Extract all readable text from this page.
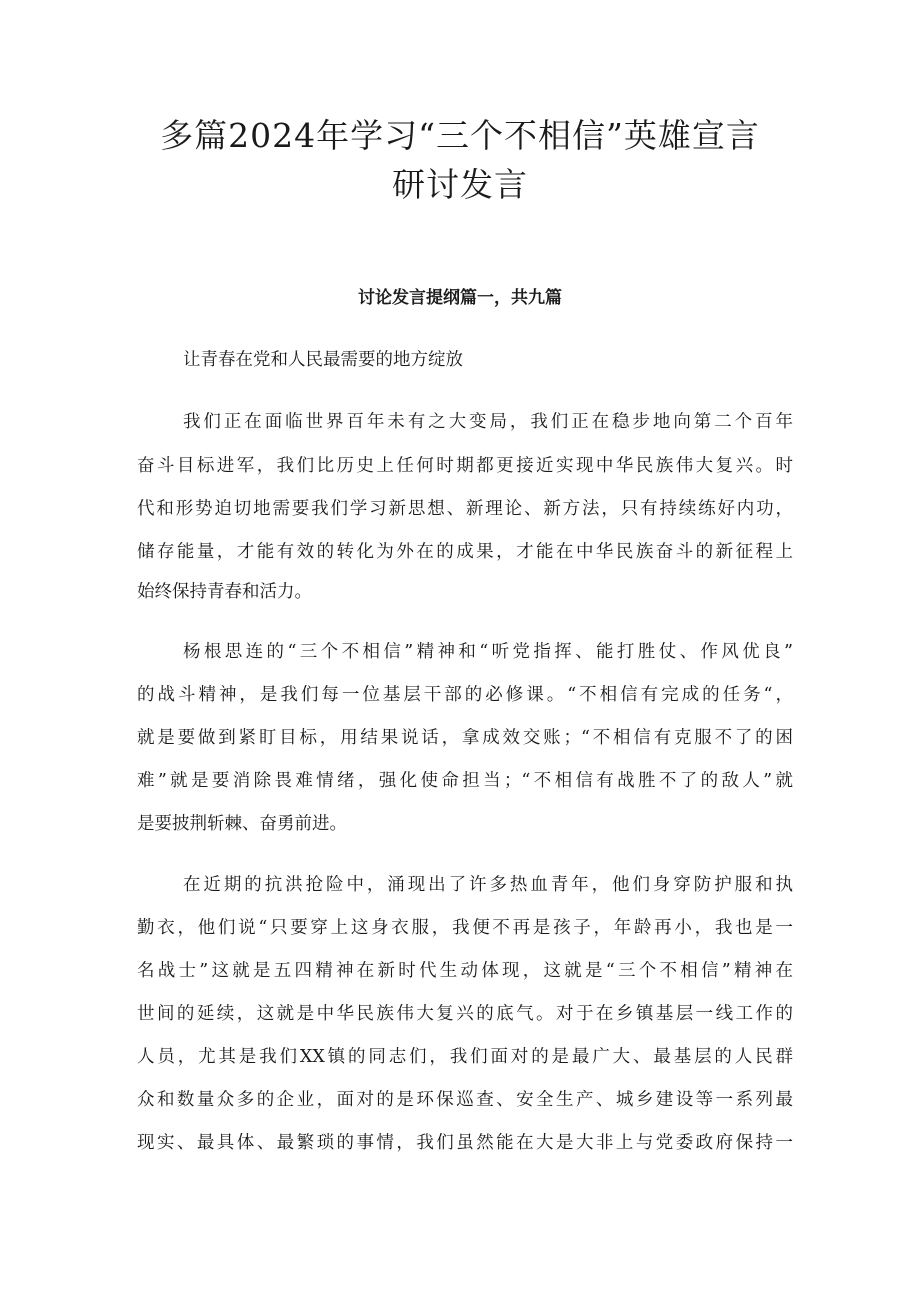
多篇2024年学习“三个不相信”英雄宣言
研讨发言

讨论发言提纲篇一，共九篇

让青春在党和人民最需要的地方绽放

我们正在面临世界百年未有之大变局，我们正在稳步地向第二个百年

奋斗目标进军，我们比历史上任何时期都更接近实现中华民族伟大复兴。时

代和形势迫切地需要我们学习新思想、新理论、新方法，只有持续练好内功，

储存能量，才能有效的转化为外在的成果，才能在中华民族奋斗的新征程上

始终保持青春和活力。

杨根思连的“三个不相信”精神和“听党指挥、能打胜仗、作风优良”

的战斗精神，是我们每一位基层干部的必修课。“不相信有完成的任务“，

就是要做到紧盯目标，用结果说话，拿成效交账；“不相信有克服不了的困

难”就是要消除畏难情绪，强化使命担当；“不相信有战胜不了的敌人”就

是要披荆斩棘、奋勇前进。

在近期的抗洪抢险中，涌现出了许多热血青年，他们身穿防护服和执

勤衣，他们说“只要穿上这身衣服，我便不再是孩子，年龄再小，我也是一

名战士”这就是五四精神在新时代生动体现，这就是“三个不相信”精神在

世间的延续，这就是中华民族伟大复兴的底气。对于在乡镇基层一线工作的

人员，尤其是我们XX镇的同志们，我们面对的是最广大、最基层的人民群

众和数量众多的企业，面对的是环保巡查、安全生产、城乡建设等一系列最

现实、最具体、最繁琐的事情，我们虽然能在大是大非上与党委政府保持一
